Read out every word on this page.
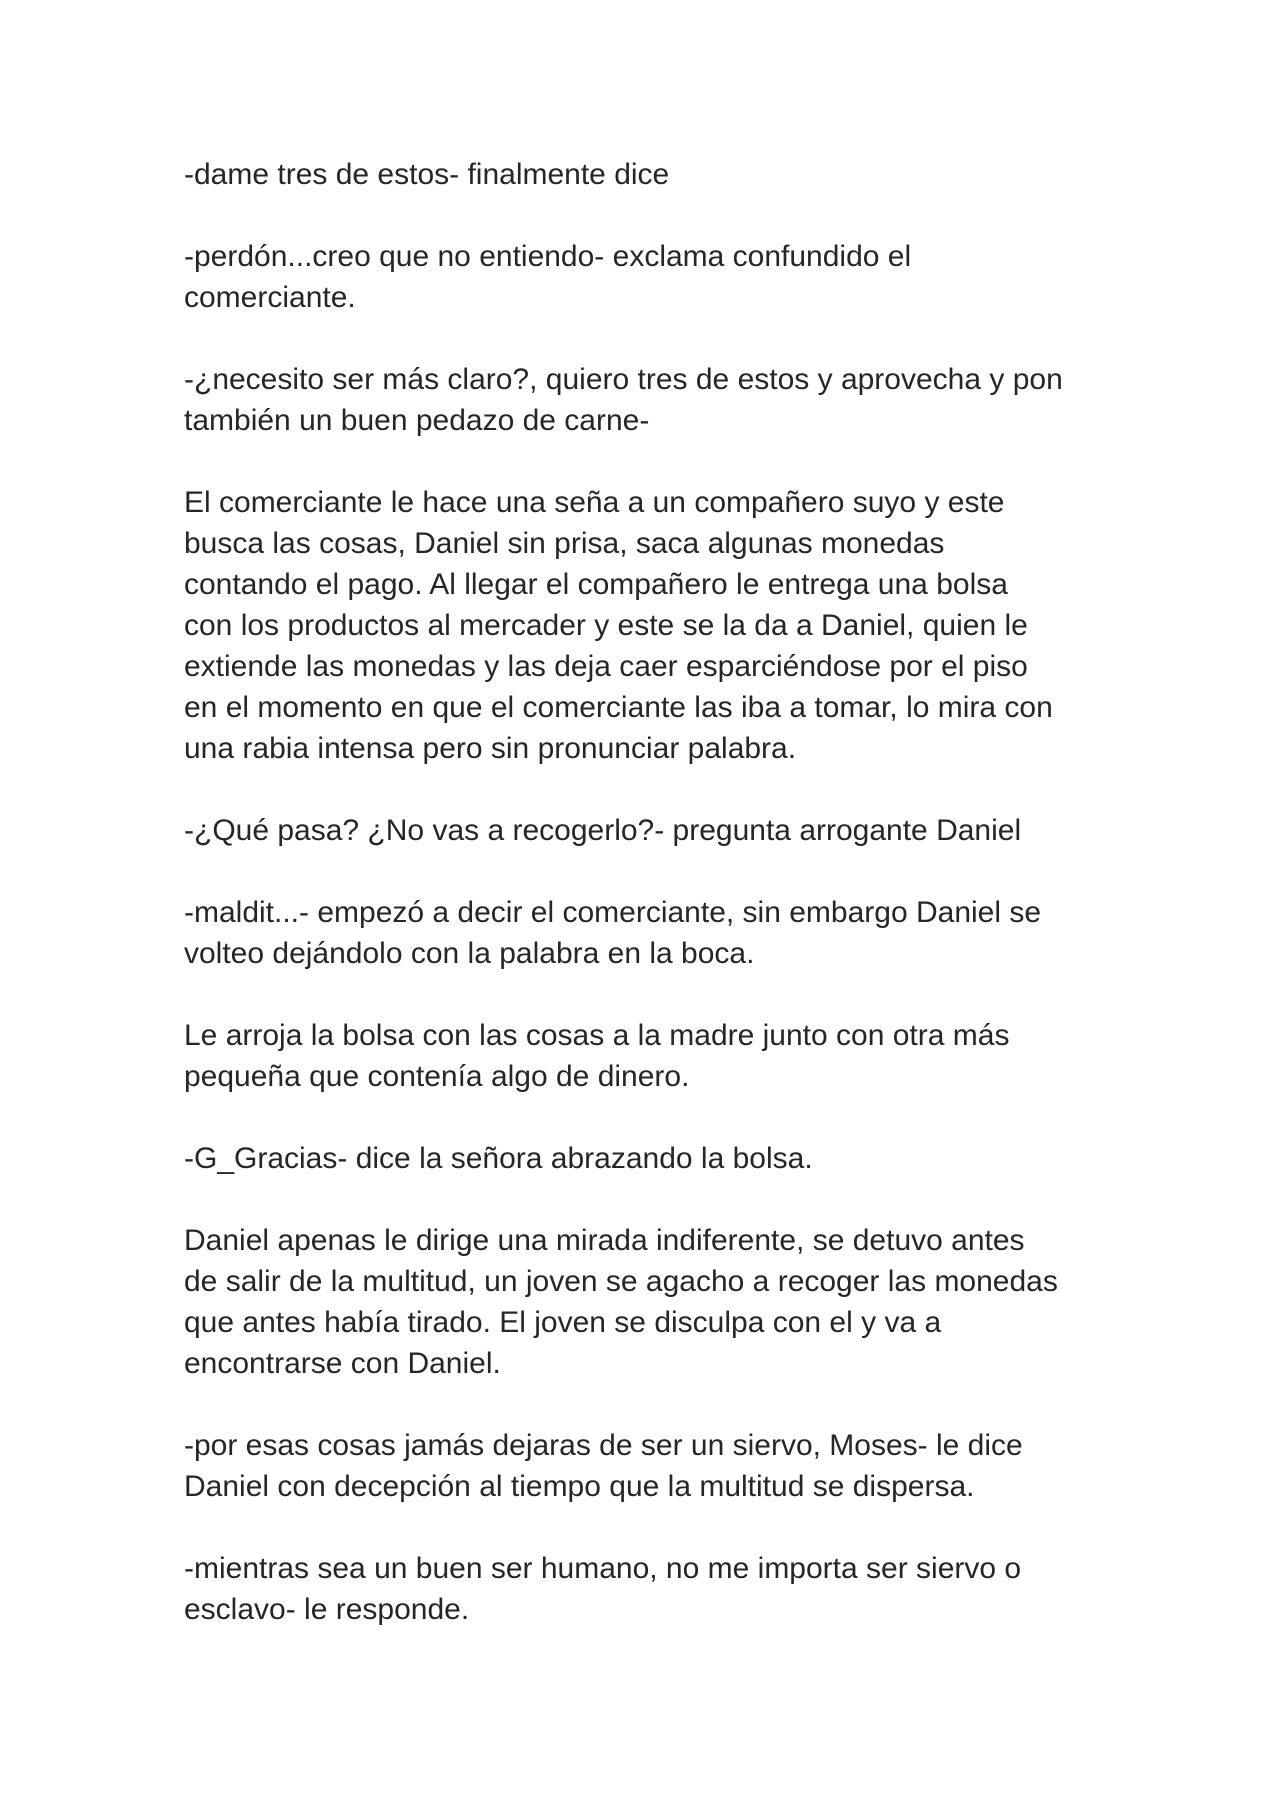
-dame tres de estos- finalmente dice

-perdón...creo que no entiendo- exclama confundido el
comerciante.

-¿necesito ser más claro?, quiero tres de estos y aprovecha y pon
también un buen pedazo de carne-

El comerciante le hace una seña a un compañero suyo y este
busca las cosas, Daniel sin prisa, saca algunas monedas
contando el pago. Al llegar el compañero le entrega una bolsa
con los productos al mercader y este se la da a Daniel, quien le
extiende las monedas y las deja caer esparciéndose por el piso
en el momento en que el comerciante las iba a tomar, lo mira con
una rabia intensa pero sin pronunciar palabra.

-¿Qué pasa? ¿No vas a recogerlo?- pregunta arrogante Daniel

-maldit...- empezó a decir el comerciante, sin embargo Daniel se
volteo dejándolo con la palabra en la boca.

Le arroja la bolsa con las cosas a la madre junto con otra más
pequeña que contenía algo de dinero.

-G_Gracias- dice la señora abrazando la bolsa.

Daniel apenas le dirige una mirada indiferente, se detuvo antes
de salir de la multitud, un joven se agacho a recoger las monedas
que antes había tirado. El joven se disculpa con el y va a
encontrarse con Daniel.

-por esas cosas jamás dejaras de ser un siervo, Moses- le dice
Daniel con decepción al tiempo que la multitud se dispersa.

-mientras sea un buen ser humano, no me importa ser siervo o
esclavo- le responde.
